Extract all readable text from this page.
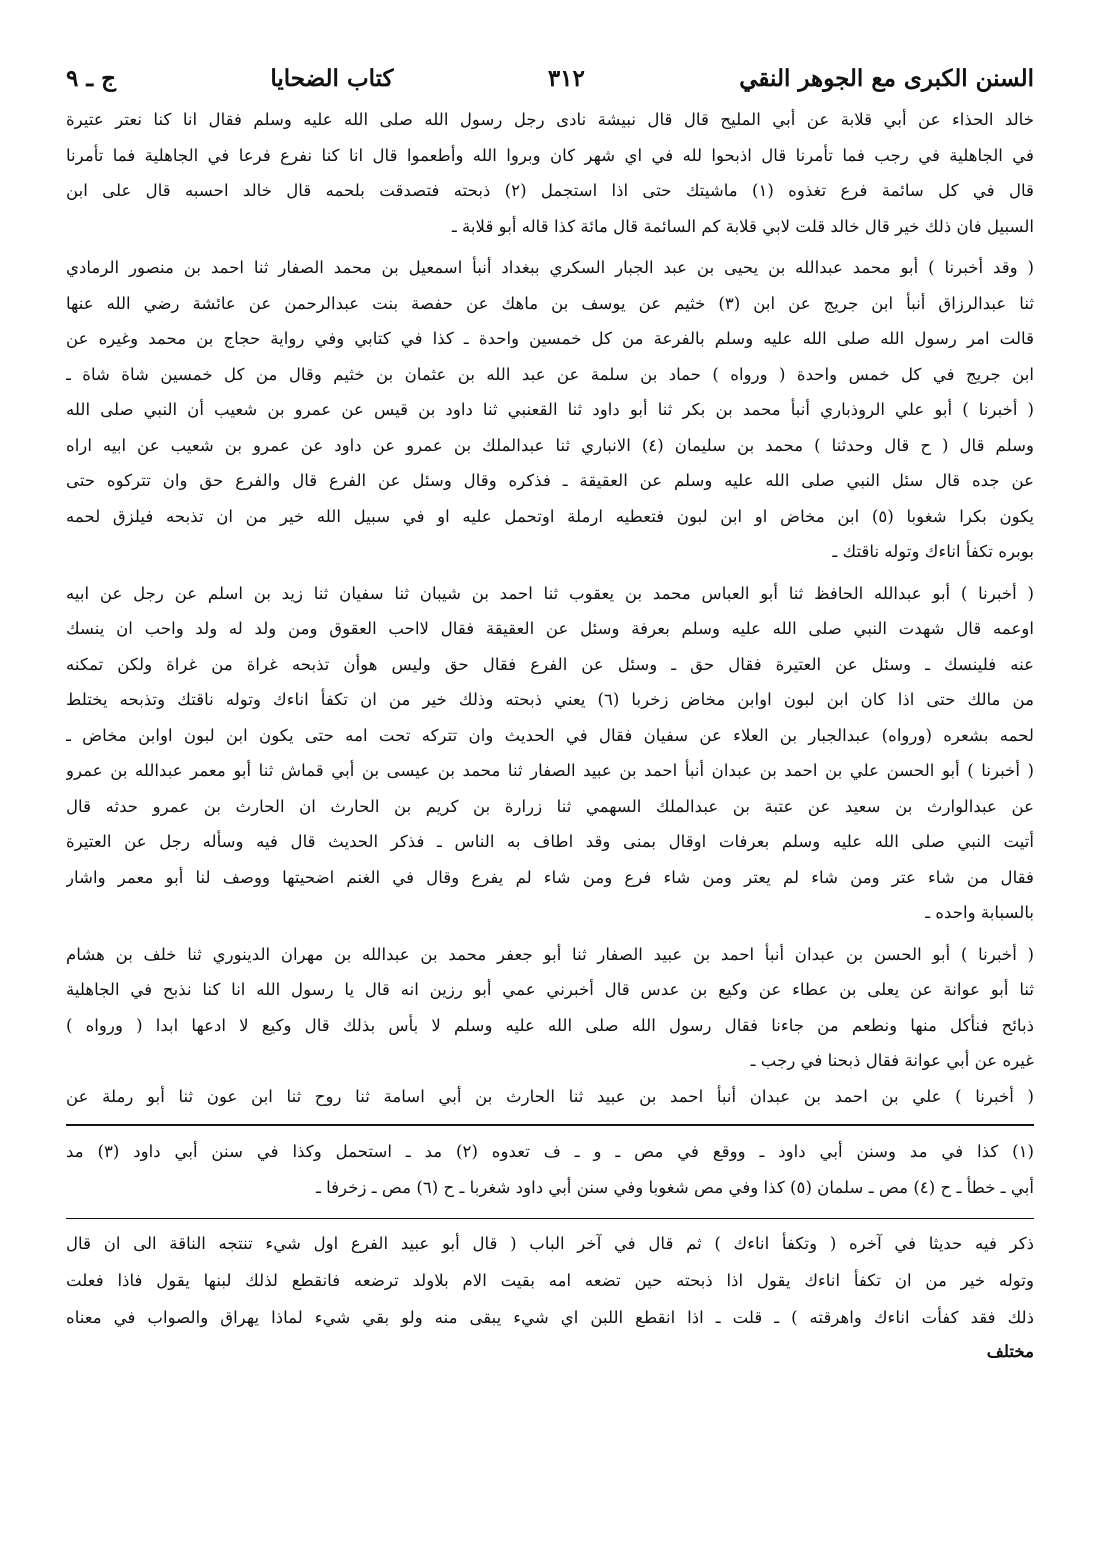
السنن الكبرى مع الجوهر النقي
٣١٢
كتاب الضحايا
ج ـ ٩
خالد الحذاء عن أبي قلابة عن أبي المليح قال قال نبيشة نادى رجل رسول الله صلى الله عليه وسلم فقال انا كنا نعتر عتيرة
في الجاهلية في رجب فما تأمرنا قال اذبحوا لله في اي شهر كان وبروا الله وأطعموا قال انا كنا نفرع فرعا في الجاهلية فما تأمرنا
قال في كل سائمة فرع تغذوه (١) ماشيتك حتى اذا استجمل (٢) ذبحته فتصدقت بلحمه قال خالد احسبه قال على ابن
السبيل فان ذلك خير قال خالد قلت لابي قلابة كم السائمة قال مائة كذا قاله أبو قلابة ـ
( وقد أخبرنا ) أبو محمد عبدالله بن يحيى بن عبد الجبار السكري ببغداد أنبأ اسمعيل بن محمد الصفار ثنا احمد بن منصور الرمادي
ثنا عبدالرزاق أنبأ ابن جريج عن ابن (٣) خثيم عن يوسف بن ماهك عن حفصة بنت عبدالرحمن عن عائشة رضي الله عنها
قالت امر رسول الله صلى الله عليه وسلم بالفرعة من كل خمسين واحدة ـ كذا في كتابي وفي رواية حجاج بن محمد وغيره عن
ابن جريج في كل خمس واحدة ( ورواه ) حماد بن سلمة عن عبد الله بن عثمان بن خثيم وقال من كل خمسين شاة شاة ـ
( أخبرنا ) أبو علي الروذباري أنبأ محمد بن بكر ثنا أبو داود ثنا القعنبي ثنا داود بن قيس عن عمرو بن شعيب أن النبي صلى الله
وسلم قال ( ح قال وحدثنا ) محمد بن سليمان (٤) الانباري ثنا عبدالملك بن عمرو عن داود عن عمرو بن شعيب عن ابيه اراه
عن جده قال سئل النبي صلى الله عليه وسلم عن العقيقة ـ فذكره وقال وسئل عن الفرع قال والفرع حق وان تتركوه حتى
يكون بكرا شغوبا (٥) ابن مخاض او ابن لبون فتعطيه ارملة اوتحمل عليه او في سبيل الله خير من ان تذبحه فيلزق لحمه
بوبره تكفأ اناءك وتوله ناقتك ـ
( أخبرنا ) أبو عبدالله الحافظ ثنا أبو العباس محمد بن يعقوب ثنا احمد بن شيبان ثنا سفيان ثنا زيد بن اسلم عن رجل عن ابيه
اوعمه قال شهدت النبي صلى الله عليه وسلم بعرفة وسئل عن العقيقة فقال لااحب العقوق ومن ولد له ولد واحب ان ينسك
عنه فلينسك ـ وسئل عن العتيرة فقال حق ـ وسئل عن الفرع فقال حق وليس هوأن تذبحه غراة من غراة ولكن تمكنه
من مالك حتى اذا كان ابن لبون اوابن مخاض زخربا (٦) يعني ذبحته وذلك خير من ان تكفأ اناءك وتوله ناقتك وتذبحه يختلط
لحمه بشعره (ورواه) عبدالجبار بن العلاء عن سفيان فقال في الحديث وان تتركه تحت امه حتى يكون ابن لبون اوابن مخاض ـ
( أخبرنا ) أبو الحسن علي بن احمد بن عبدان أنبأ احمد بن عبيد الصفار ثنا محمد بن عيسى بن أبي قماش ثنا أبو معمر عبدالله بن عمرو
عن عبدالوارث بن سعيد عن عتبة بن عبدالملك السهمي ثنا زرارة بن كريم بن الحارث ان الحارث بن عمرو حدثه قال
أتيت النبي صلى الله عليه وسلم بعرفات اوقال بمنى وقد اطاف به الناس ـ فذكر الحديث قال فيه وسأله رجل عن العتيرة
فقال من شاء عتر ومن شاء لم يعتر ومن شاء فرع ومن شاء لم يفرع وقال في الغنم اضحيتها ووصف لنا أبو معمر واشار
بالسبابة واحده ـ
( أخبرنا ) أبو الحسن بن عبدان أنبأ احمد بن عبيد الصفار ثنا أبو جعفر محمد بن عبدالله بن مهران الدينوري ثنا خلف بن هشام
ثنا أبو عوانة عن يعلى بن عطاء عن وكيع بن عدس قال أخبرني عمي أبو رزين انه قال يا رسول الله انا كنا نذبح في الجاهلية
ذبائح فنأكل منها ونطعم من جاءنا فقال رسول الله صلى الله عليه وسلم لا بأس بذلك قال وكيع لا ادعها ابدا ( ورواه )
غيره عن أبي عوانة فقال ذبحنا في رجب ـ
( أخبرنا ) علي بن احمد بن عبدان أنبأ احمد بن عبيد ثنا الحارث بن أبي اسامة ثنا روح ثنا ابن عون ثنا أبو رملة عن
(١) كذا في مد وسنن أبي داود ـ ووقع في مص ـ و ـ ف تعدوه (٢) مد ـ استحمل وكذا في سنن أبي داود (٣) مد
أبي ـ خطأ ـ ح (٤) مص ـ سلمان (٥) كذا وفي مص شغوبا وفي سنن أبي داود شغربا ـ ح (٦) مص ـ زخرفا ـ
ذكر فيه حديثا في آخره ( وتكفأ اناءك ) ثم قال في آخر الباب ( قال أبو عبيد الفرع اول شيء تنتجه الناقة الى ان قال
وتوله خير من ان تكفأ اناءك يقول اذا ذبحته حين تضعه امه بقيت الام بلاولد ترضعه فانقطع لذلك لبنها يقول فاذا فعلت
ذلك فقد كفأت اناءك واهرقته ) ـ قلت ـ اذا انقطع اللبن اي شيء يبقى منه ولو بقي شيء لماذا يهراق والصواب في معناه
مختلف
